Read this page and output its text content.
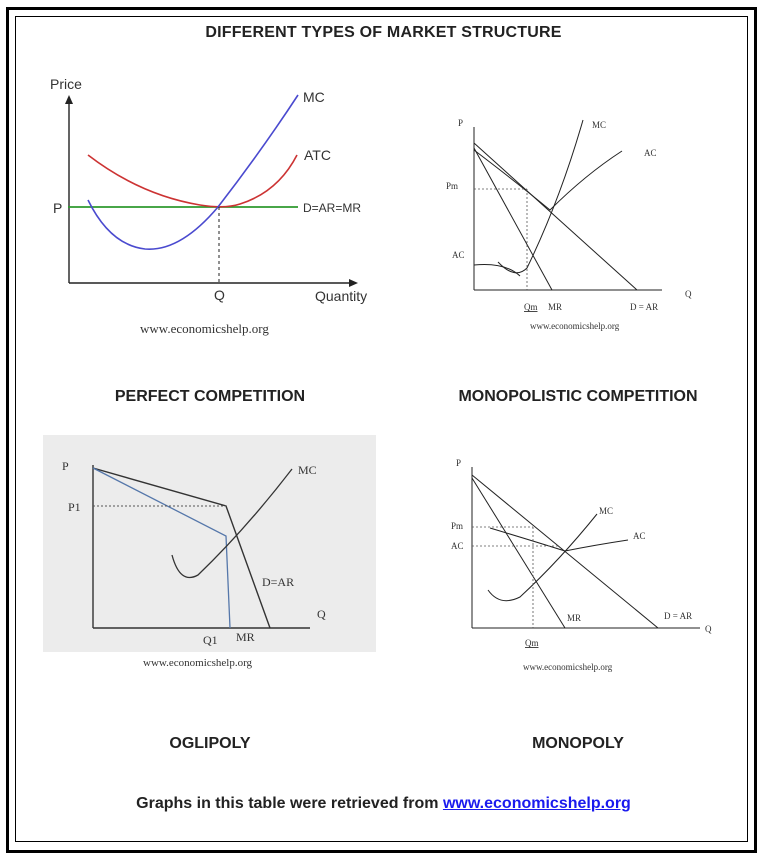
DIFFERENT TYPES OF MARKET STRUCTURE
Price
P
MC
ATC
D=AR=MR
Q	Quantity
www.economicshelp.org
PERFECT COMPETITION
P
Pm
AC
MC
AC
Q
Qm MR	D = AR
www.economicshelp.org
MONOPOLISTIC COMPETITION
P
P1
MC
D=AR
Q
Q1 MR
www.economicshelp.org
OGLIPOLY
P
Pm
AC
MC
AC
MR	D = AR
Q
Qm
www.economicshelp.org
MONOPOLY
Graphs in this table were retrieved from www.economicshelp.org
